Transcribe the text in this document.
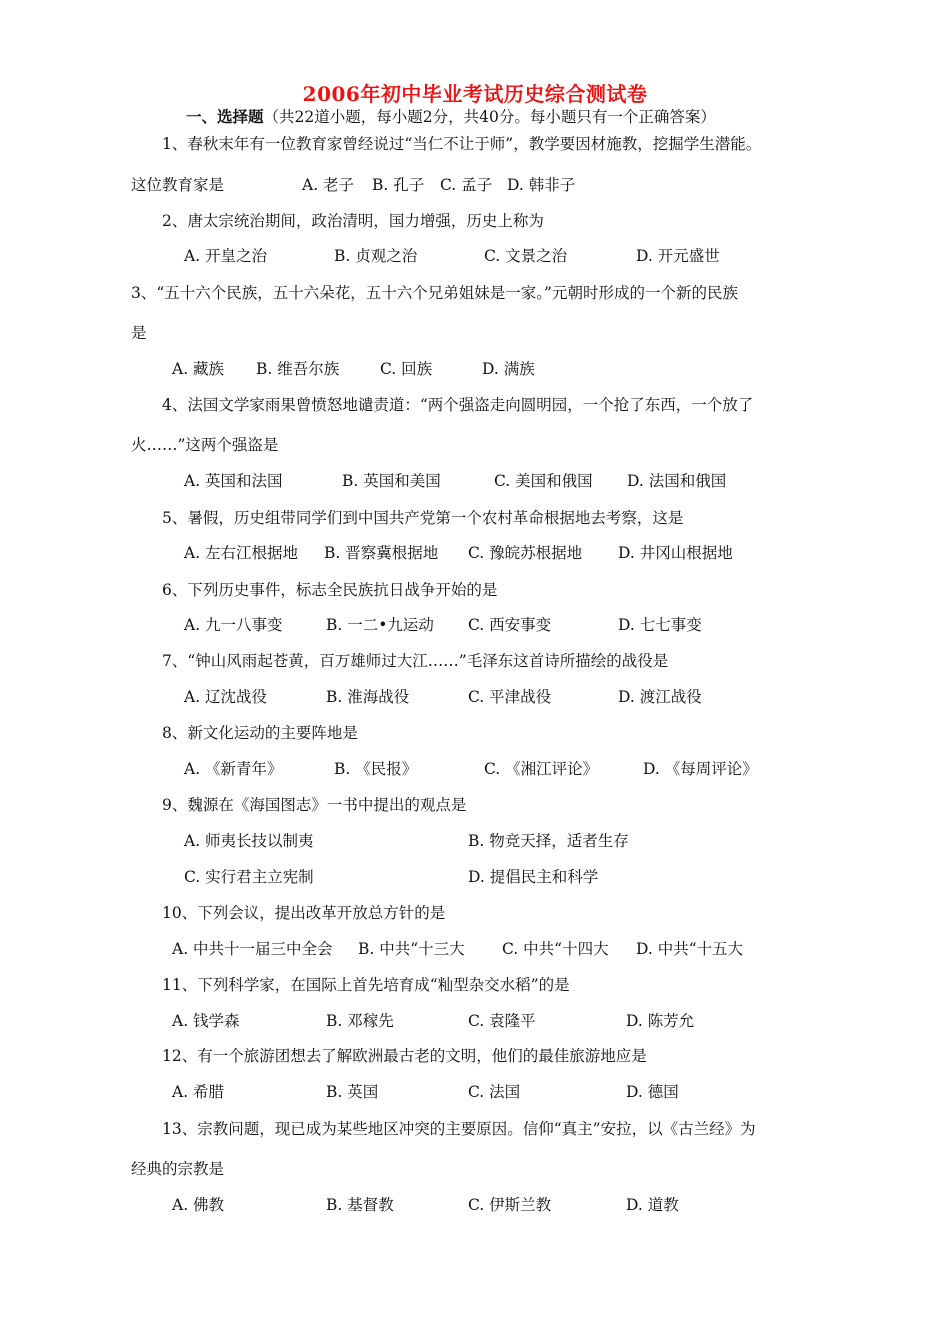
2006年初中毕业考试历史综合测试卷
一、选择题（共22道小题，每小题2分，共40分。每小题只有一个正确答案）
1、春秋末年有一位教育家曾经说过“当仁不让于师”，教学要因材施教，挖掘学生潜能。
这位教育家是	A. 老子 B. 孔子 C. 孟子 D. 韩非子
2、唐太宗统治期间，政治清明，国力增强，历史上称为
A. 开皇之治	B. 贞观之治	C. 文景之治	D. 开元盛世
3、“五十六个民族，五十六朵花，五十六个兄弟姐妹是一家。”元朝时形成的一个新的民族
是
A. 藏族 B. 维吾尔族	C. 回族	D. 满族
4、法国文学家雨果曾愤怒地谴责道：“两个强盗走向圆明园，一个抢了东西，一个放了
火……”这两个强盗是
A. 英国和法国	B. 英国和美国	C. 美国和俄国 D. 法国和俄国
5、暑假，历史组带同学们到中国共产党第一个农村革命根据地去考察，这是
A. 左右江根据地 B. 晋察冀根据地 C. 豫皖苏根据地 D. 井冈山根据地
6、下列历史事件，标志全民族抗日战争开始的是
A. 九一八事变	B. 一二•九运动 C. 西安事变	D. 七七事变
7、“钟山风雨起苍黄，百万雄师过大江……”毛泽东这首诗所描绘的战役是
A. 辽沈战役	B. 淮海战役	C. 平津战役	D. 渡江战役
8、新文化运动的主要阵地是
A. 《新青年》	B. 《民报》	C. 《湘江评论》	D. 《每周评论》
9、魏源在《海国图志》一书中提出的观点是
A. 师夷长技以制夷	B. 物竞天择，适者生存
C. 实行君主立宪制	D. 提倡民主和科学
10、下列会议，提出改革开放总方针的是
A. 中共十一届三中全会 B. 中共“十三大 C. 中共“十四大 D. 中共“十五大
11、下列科学家，在国际上首先培育成“籼型杂交水稻”的是
A. 钱学森	B. 邓稼先	C. 袁隆平	D. 陈芳允
12、有一个旅游团想去了解欧洲最古老的文明，他们的最佳旅游地应是
A. 希腊	B. 英国	C. 法国	D. 德国
13、宗教问题，现已成为某些地区冲突的主要原因。信仰“真主”安拉，以《古兰经》为
经典的宗教是
A. 佛教	B. 基督教	C. 伊斯兰教	D. 道教
